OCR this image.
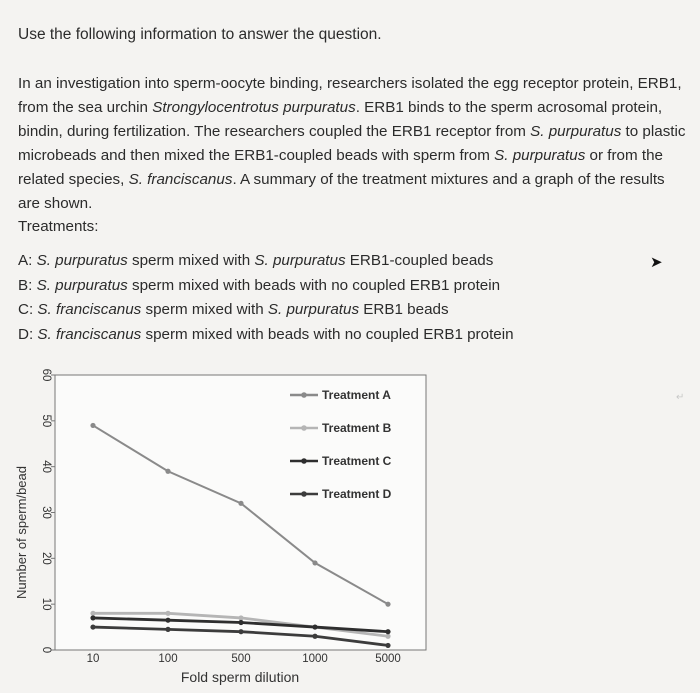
Use the following information to answer the question.

In an investigation into sperm-oocyte binding, researchers isolated the egg receptor protein, ERB1, from the sea urchin Strongylocentrotus purpuratus. ERB1 binds to the sperm acrosomal protein, bindin, during fertilization. The researchers coupled the ERB1 receptor from S. purpuratus to plastic microbeads and then mixed the ERB1-coupled beads with sperm from S. purpuratus or from the related species, S. franciscanus. A summary of the treatment mixtures and a graph of the results are shown.

Treatments:

A: S. purpuratus sperm mixed with S. purpuratus ERB1-coupled beads
B: S. purpuratus sperm mixed with beads with no coupled ERB1 protein
C: S. franciscanus sperm mixed with S. purpuratus ERB1 beads
D: S. franciscanus sperm mixed with beads with no coupled ERB1 protein
➤
↵
0
10
20
30
40
50
60
10	100	500	1000	5000
Fold sperm dilution
Number of sperm/bead
Treatment A
Treatment B
Treatment C
Treatment D
